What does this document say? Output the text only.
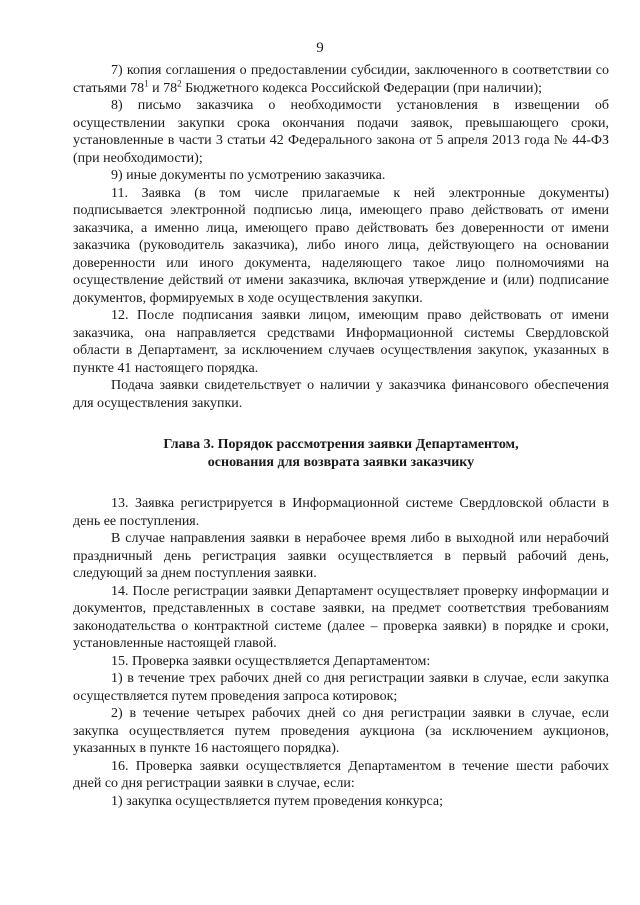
9

7) копия соглашения о предоставлении субсидии, заключенного в соответствии со статьями $78^1$ и $78^2$ Бюджетного кодекса Российской Федерации (при наличии);

8) письмо заказчика о необходимости установления в извещении об осуществлении закупки срока окончания подачи заявок, превышающего сроки, установленные в части 3 статьи 42 Федерального закона от 5 апреля 2013 года № 44-ФЗ (при необходимости);

9) иные документы по усмотрению заказчика.

11. Заявка (в том числе прилагаемые к ней электронные документы) подписывается электронной подписью лица, имеющего право действовать от имени заказчика, а именно лица, имеющего право действовать без доверенности от имени заказчика (руководитель заказчика), либо иного лица, действующего на основании доверенности или иного документа, наделяющего такое лицо полномочиями на осуществление действий от имени заказчика, включая утверждение и (или) подписание документов, формируемых в ходе осуществления закупки.

12. После подписания заявки лицом, имеющим право действовать от имени заказчика, она направляется средствами Информационной системы Свердловской области в Департамент, за исключением случаев осуществления закупок, указанных в пункте 41 настоящего порядка.

Подача заявки свидетельствует о наличии у заказчика финансового обеспечения для осуществления закупки.

Глава 3. Порядок рассмотрения заявки Департаментом,
основания для возврата заявки заказчику

13. Заявка регистрируется в Информационной системе Свердловской области в день ее поступления.

В случае направления заявки в нерабочее время либо в выходной или нерабочий праздничный день регистрация заявки осуществляется в первый рабочий день, следующий за днем поступления заявки.

14. После регистрации заявки Департамент осуществляет проверку информации и документов, представленных в составе заявки, на предмет соответствия требованиям законодательства о контрактной системе (далее – проверка заявки) в порядке и сроки, установленные настоящей главой.

15. Проверка заявки осуществляется Департаментом:

1) в течение трех рабочих дней со дня регистрации заявки в случае, если закупка осуществляется путем проведения запроса котировок;

2) в течение четырех рабочих дней со дня регистрации заявки в случае, если закупка осуществляется путем проведения аукциона (за исключением аукционов, указанных в пункте 16 настоящего порядка).

16. Проверка заявки осуществляется Департаментом в течение шести рабочих дней со дня регистрации заявки в случае, если:

1) закупка осуществляется путем проведения конкурса;
